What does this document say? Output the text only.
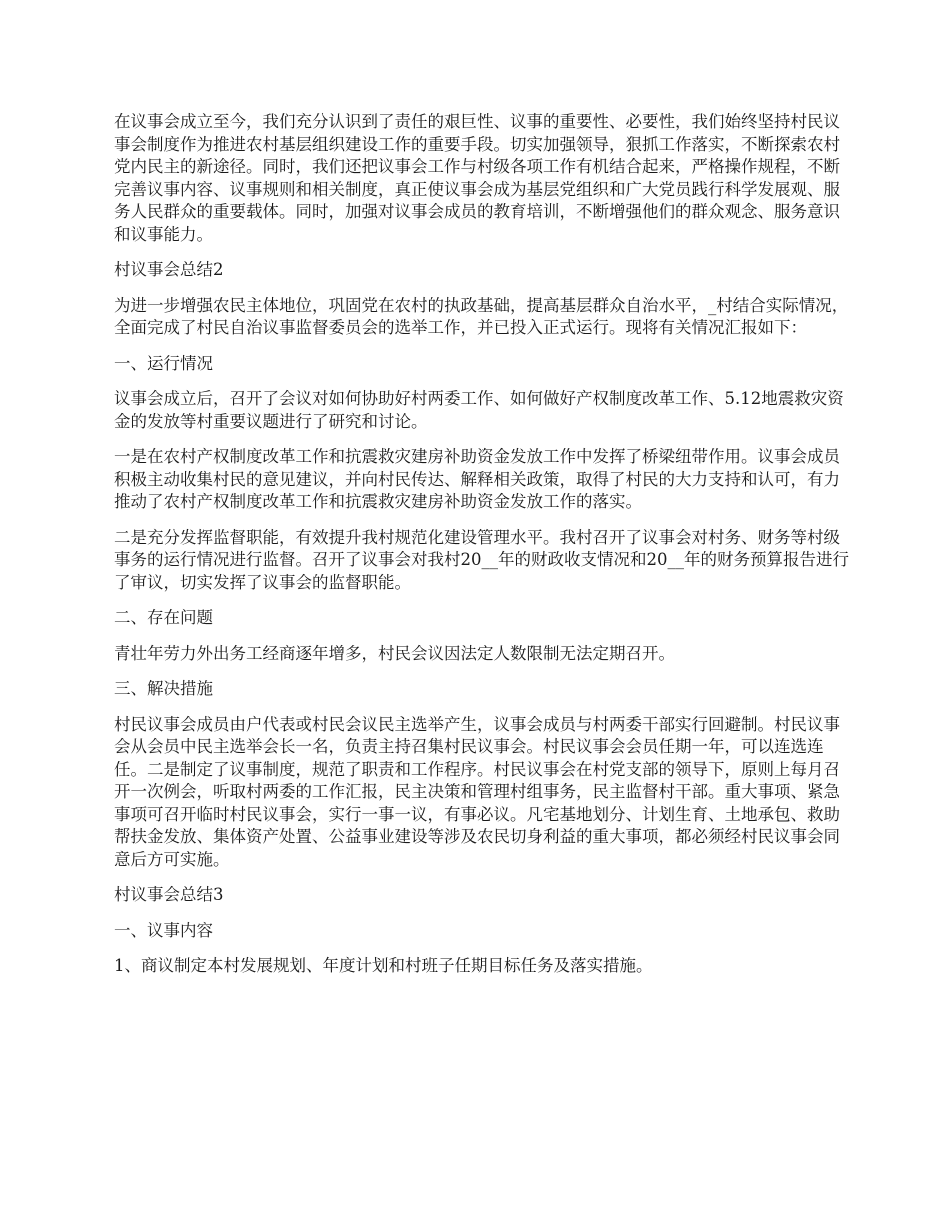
在议事会成立至今，我们充分认识到了责任的艰巨性、议事的重要性、必要性，我们始终坚持村民议事会制度作为推进农村基层组织建设工作的重要手段。切实加强领导，狠抓工作落实，不断探索农村党内民主的新途径。同时，我们还把议事会工作与村级各项工作有机结合起来，严格操作规程，不断完善议事内容、议事规则和相关制度，真正使议事会成为基层党组织和广大党员践行科学发展观、服务人民群众的重要载体。同时，加强对议事会成员的教育培训，不断增强他们的群众观念、服务意识和议事能力。

村议事会总结2

为进一步增强农民主体地位，巩固党在农村的执政基础，提高基层群众自治水平，_村结合实际情况，全面完成了村民自治议事监督委员会的选举工作，并已投入正式运行。现将有关情况汇报如下：

一、运行情况

议事会成立后，召开了会议对如何协助好村两委工作、如何做好产权制度改革工作、5.12地震救灾资金的发放等村重要议题进行了研究和讨论。

一是在农村产权制度改革工作和抗震救灾建房补助资金发放工作中发挥了桥梁纽带作用。议事会成员积极主动收集村民的意见建议，并向村民传达、解释相关政策，取得了村民的大力支持和认可，有力推动了农村产权制度改革工作和抗震救灾建房补助资金发放工作的落实。

二是充分发挥监督职能，有效提升我村规范化建设管理水平。我村召开了议事会对村务、财务等村级事务的运行情况进行监督。召开了议事会对我村20__年的财政收支情况和20__年的财务预算报告进行了审议，切实发挥了议事会的监督职能。

二、存在问题

青壮年劳力外出务工经商逐年增多，村民会议因法定人数限制无法定期召开。

三、解决措施

村民议事会成员由户代表或村民会议民主选举产生，议事会成员与村两委干部实行回避制。村民议事会从会员中民主选举会长一名，负责主持召集村民议事会。村民议事会会员任期一年，可以连选连任。二是制定了议事制度，规范了职责和工作程序。村民议事会在村党支部的领导下，原则上每月召开一次例会，听取村两委的工作汇报，民主决策和管理村组事务，民主监督村干部。重大事项、紧急事项可召开临时村民议事会，实行一事一议，有事必议。凡宅基地划分、计划生育、土地承包、救助帮扶金发放、集体资产处置、公益事业建设等涉及农民切身利益的重大事项，都必须经村民议事会同意后方可实施。

村议事会总结3

一、议事内容

1、商议制定本村发展规划、年度计划和村班子任期目标任务及落实措施。
